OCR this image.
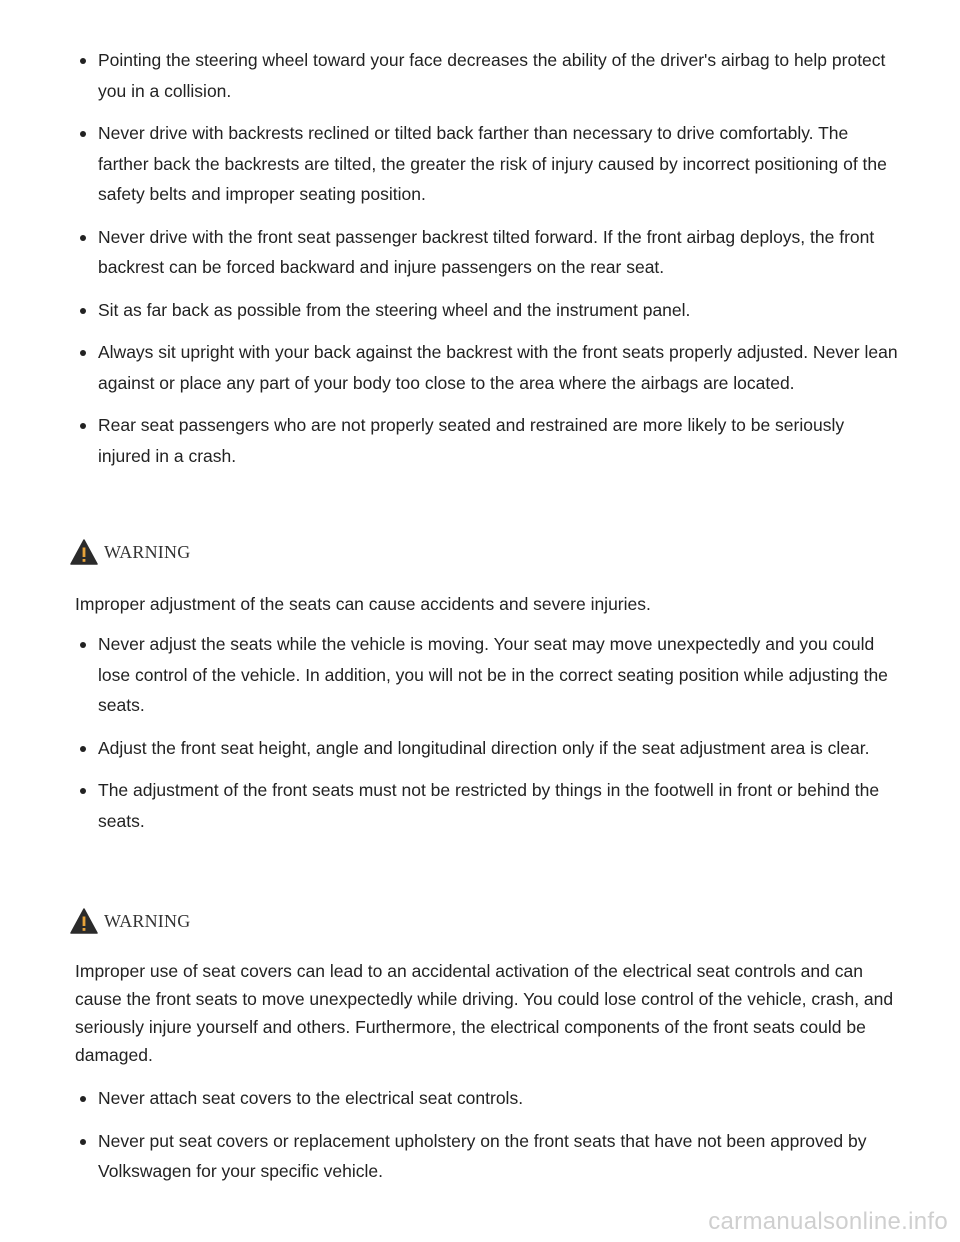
Pointing the steering wheel toward your face decreases the ability of the driver's airbag to help protect you in a collision.
Never drive with backrests reclined or tilted back farther than necessary to drive comfortably. The farther back the backrests are tilted, the greater the risk of injury caused by incorrect positioning of the safety belts and improper seating position.
Never drive with the front seat passenger backrest tilted forward. If the front airbag deploys, the front backrest can be forced backward and injure passengers on the rear seat.
Sit as far back as possible from the steering wheel and the instrument panel.
Always sit upright with your back against the backrest with the front seats properly adjusted. Never lean against or place any part of your body too close to the area where the airbags are located.
Rear seat passengers who are not properly seated and restrained are more likely to be seriously injured in a crash.
WARNING

Improper adjustment of the seats can cause accidents and severe injuries.

Never adjust the seats while the vehicle is moving. Your seat may move unexpectedly and you could lose control of the vehicle. In addition, you will not be in the correct seating position while adjusting the seats.
Adjust the front seat height, angle and longitudinal direction only if the seat adjustment area is clear.
The adjustment of the front seats must not be restricted by things in the footwell in front or behind the seats.
WARNING

Improper use of seat covers can lead to an accidental activation of the electrical seat controls and can cause the front seats to move unexpectedly while driving. You could lose control of the vehicle, crash, and seriously injure yourself and others. Furthermore, the electrical components of the front seats could be damaged.

Never attach seat covers to the electrical seat controls.
Never put seat covers or replacement upholstery on the front seats that have not been approved by Volkswagen for your specific vehicle.
carmanualsonline.info
